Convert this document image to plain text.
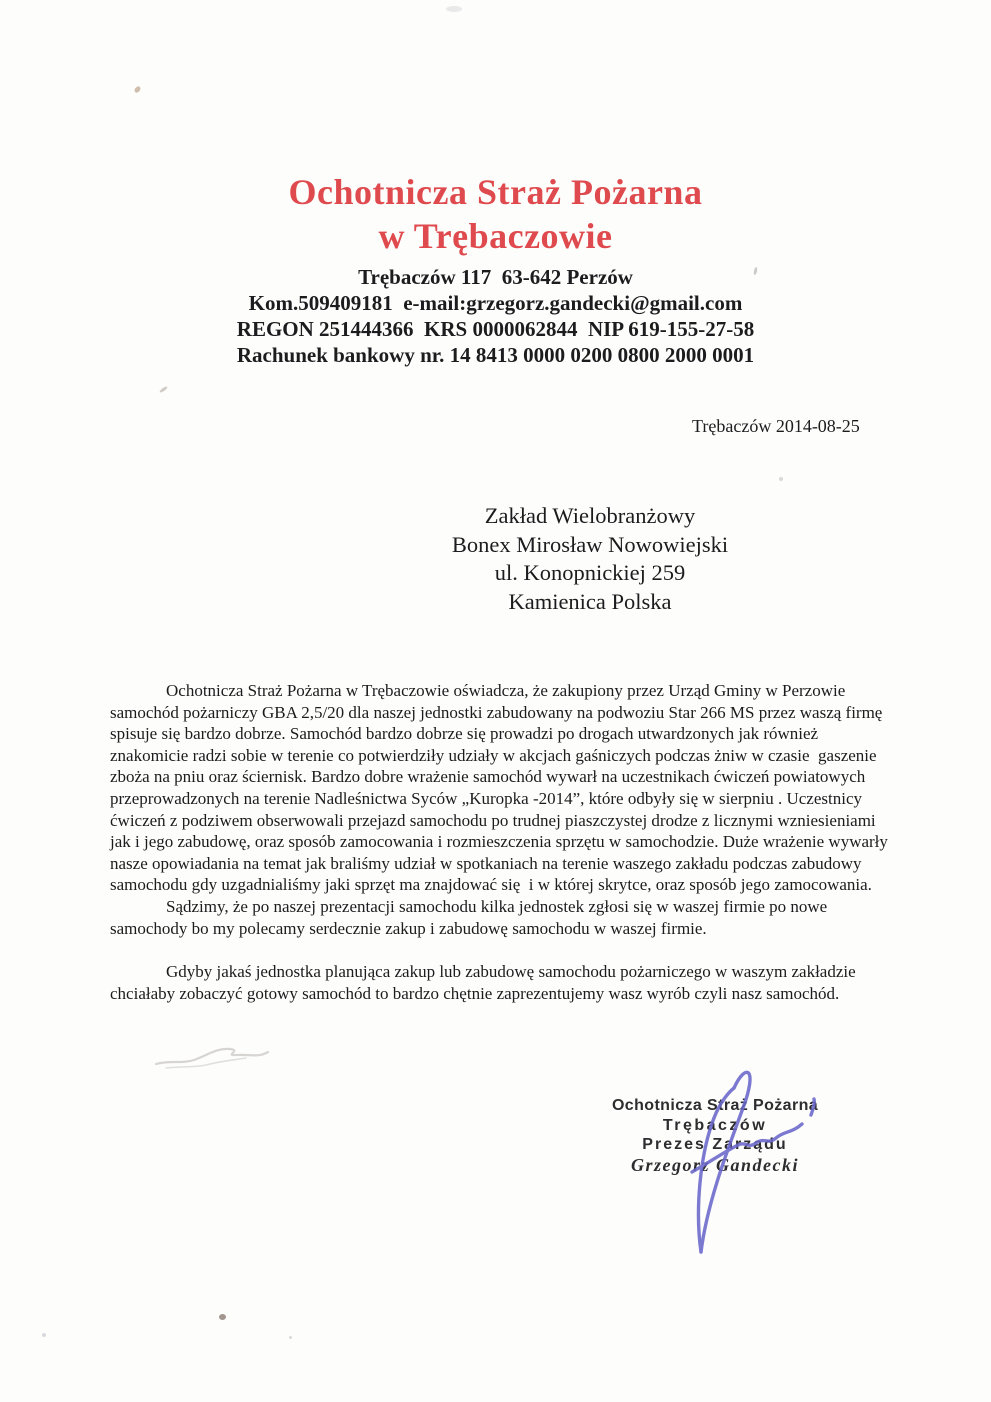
Ochotnicza Straż Pożarna
w Trębaczowie
Trębaczów 117  63-642 Perzów
Kom.509409181  e-mail:grzegorz.gandecki@gmail.com
REGON 251444366  KRS 0000062844  NIP 619-155-27-58
Rachunek bankowy nr. 14 8413 0000 0200 0800 2000 0001
Trębaczów 2014-08-25
Zakład Wielobranżowy
Bonex Mirosław Nowowiejski
ul. Konopnickiej 259
Kamienica Polska

Ochotnicza Straż Pożarna w Trębaczowie oświadcza, że zakupiony przez Urząd Gminy w Perzowie samochód pożarniczy GBA 2,5/20 dla naszej jednostki zabudowany na podwoziu Star 266 MS przez waszą firmę spisuje się bardzo dobrze. Samochód bardzo dobrze się prowadzi po drogach utwardzonych jak również znakomicie radzi sobie w terenie co potwierdziły udziały w akcjach gaśniczych podczas żniw w czasie  gaszenie zboża na pniu oraz ściernisk. Bardzo dobre wrażenie samochód wywarł na uczestnikach ćwiczeń powiatowych przeprowadzonych na terenie Nadleśnictwa Syców „Kuropka -2014”, które odbyły się w sierpniu . Uczestnicy ćwiczeń z podziwem obserwowali przejazd samochodu po trudnej piaszczystej drodze z licznymi wzniesieniami jak i jego zabudowę, oraz sposób zamocowania i rozmieszczenia sprzętu w samochodzie. Duże wrażenie wywarły nasze opowiadania na temat jak braliśmy udział w spotkaniach na terenie waszego zakładu podczas zabudowy samochodu gdy uzgadnialiśmy jaki sprzęt ma znajdować się  i w której skrytce, oraz sposób jego zamocowania.

Sądzimy, że po naszej prezentacji samochodu kilka jednostek zgłosi się w waszej firmie po nowe samochody bo my polecamy serdecznie zakup i zabudowę samochodu w waszej firmie.

Gdyby jakaś jednostka planująca zakup lub zabudowę samochodu pożarniczego w waszym zakładzie chciałaby zobaczyć gotowy samochód to bardzo chętnie zaprezentujemy wasz wyrób czyli nasz samochód.

Ochotnicza Straż Pożarna
Trębaczów
Prezes Zarządu
Grzegorz Gandecki
